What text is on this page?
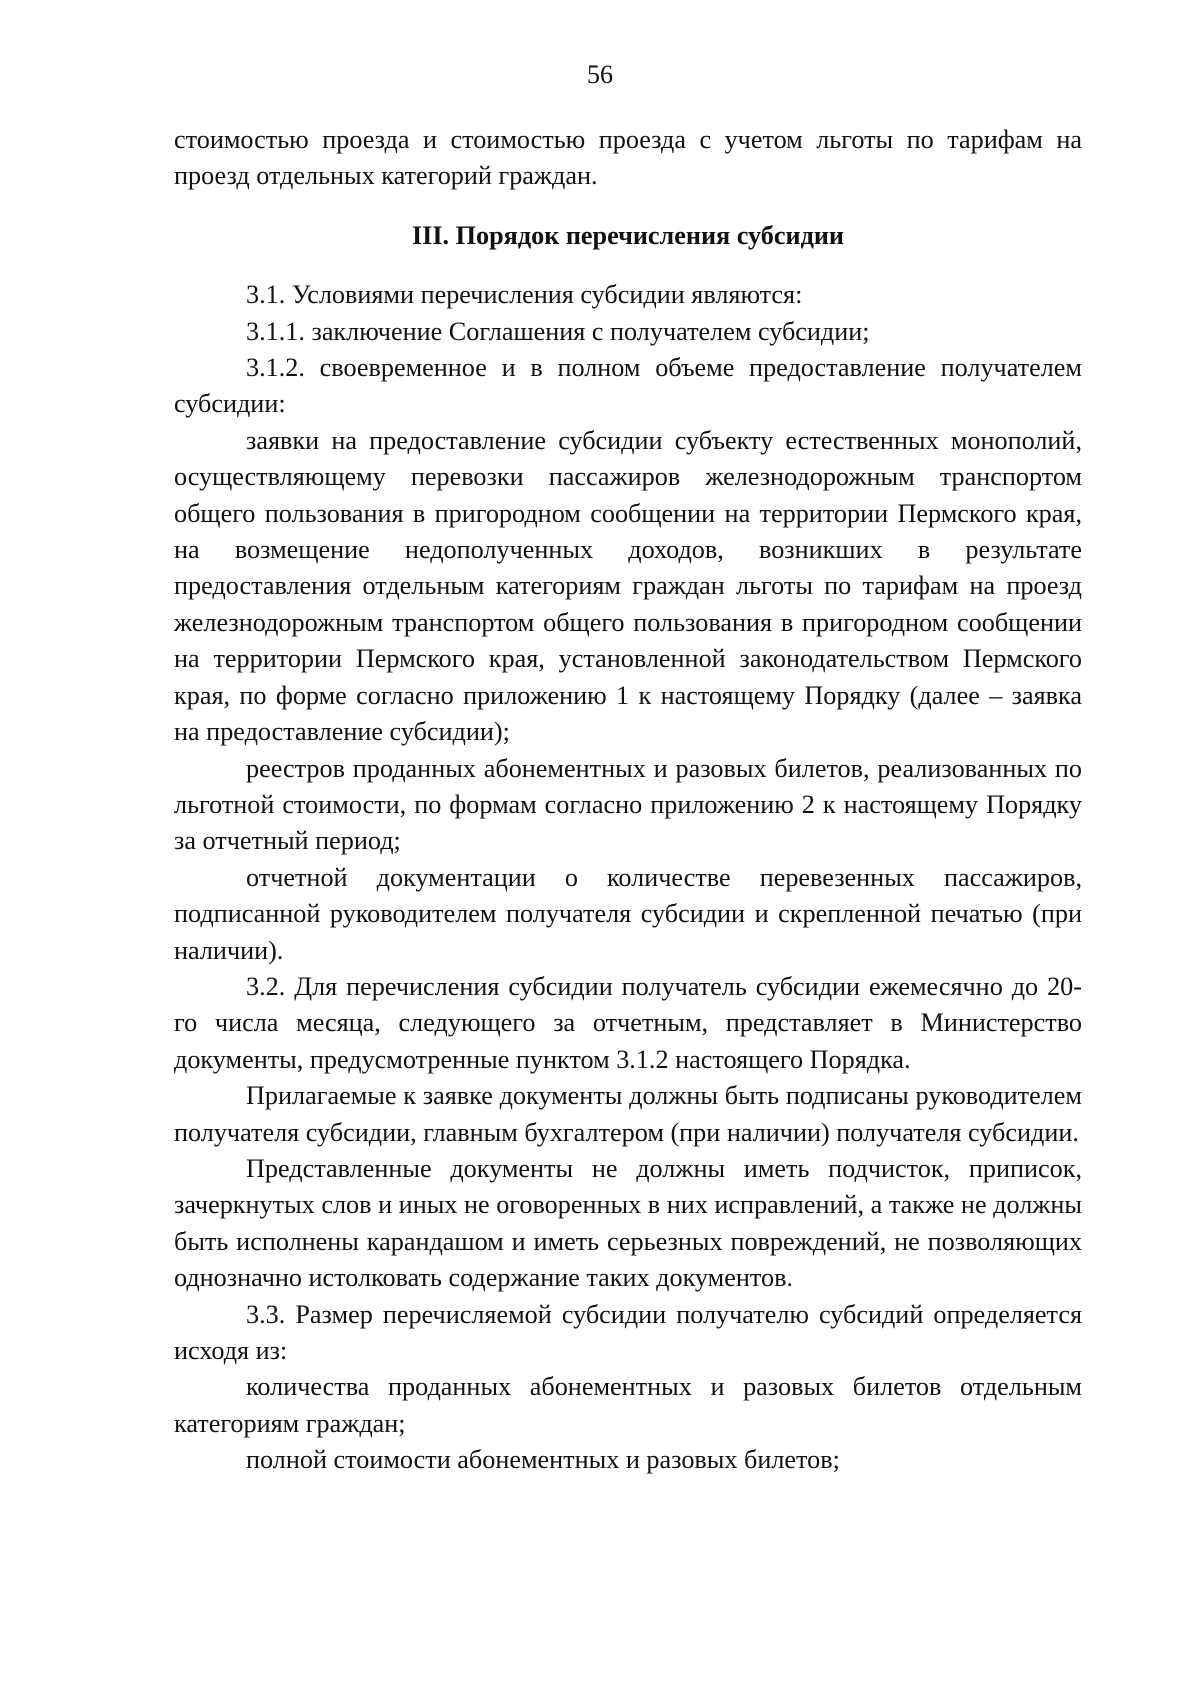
56

стоимостью проезда и стоимостью проезда с учетом льготы по тарифам на проезд отдельных категорий граждан.

III. Порядок перечисления субсидии

3.1. Условиями перечисления субсидии являются:

3.1.1. заключение Соглашения с получателем субсидии;

3.1.2. своевременное и в полном объеме предоставление получателем субсидии:

заявки на предоставление субсидии субъекту естественных монополий, осуществляющему перевозки пассажиров железнодорожным транспортом общего пользования в пригородном сообщении на территории Пермского края, на возмещение недополученных доходов, возникших в результате предоставления отдельным категориям граждан льготы по тарифам на проезд железнодорожным транспортом общего пользования в пригородном сообщении на территории Пермского края, установленной законодательством Пермского края, по форме согласно приложению 1 к настоящему Порядку (далее – заявка на предоставление субсидии);

реестров проданных абонементных и разовых билетов, реализованных по льготной стоимости, по формам согласно приложению 2 к настоящему Порядку за отчетный период;

отчетной документации о количестве перевезенных пассажиров, подписанной руководителем получателя субсидии и скрепленной печатью (при наличии).

3.2. Для перечисления субсидии получатель субсидии ежемесячно до 20-го числа месяца, следующего за отчетным, представляет в Министерство документы, предусмотренные пунктом 3.1.2 настоящего Порядка.

Прилагаемые к заявке документы должны быть подписаны руководителем получателя субсидии, главным бухгалтером (при наличии) получателя субсидии.

Представленные документы не должны иметь подчисток, приписок, зачеркнутых слов и иных не оговоренных в них исправлений, а также не должны быть исполнены карандашом и иметь серьезных повреждений, не позволяющих однозначно истолковать содержание таких документов.

3.3. Размер перечисляемой субсидии получателю субсидий определяется исходя из:

количества проданных абонементных и разовых билетов отдельным категориям граждан;

полной стоимости абонементных и разовых билетов;
